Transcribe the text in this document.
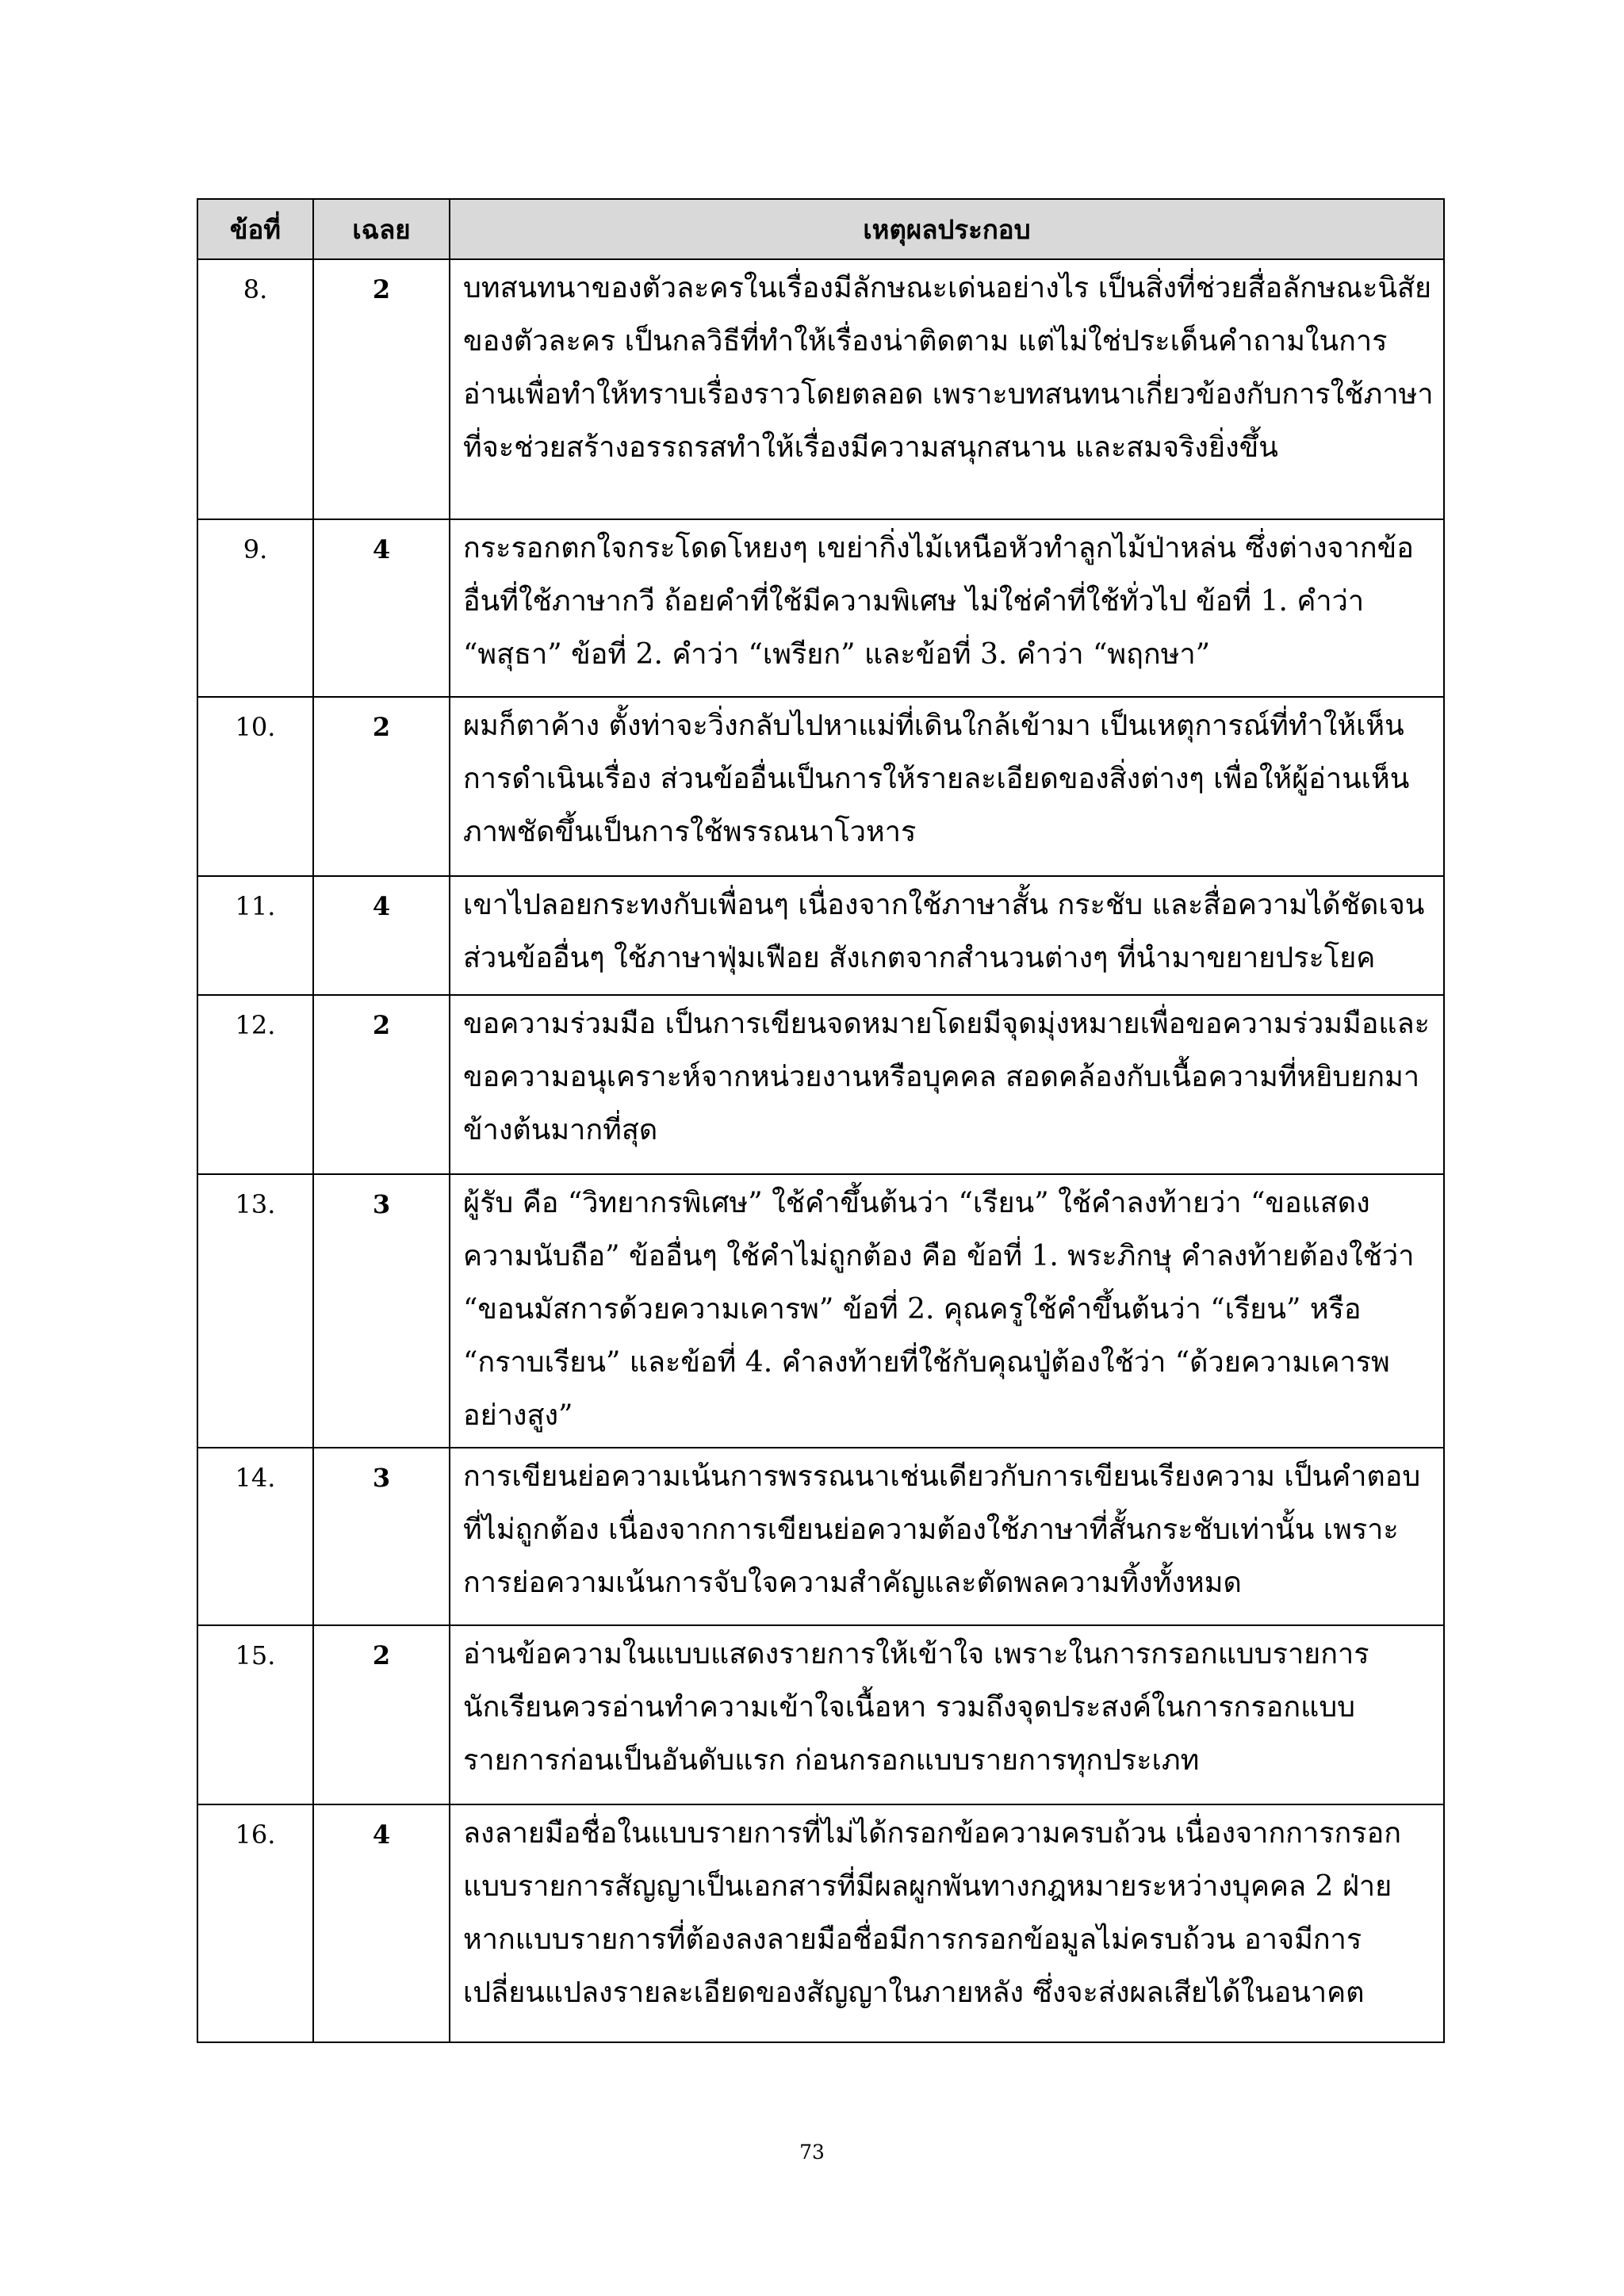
ข้อที่	เฉลย	เหตุผลประกอบ
8.	2	บทสนทนาของตัวละครในเรื่องมีลักษณะเด่นอย่างไร เป็นสิ่งที่ช่วยสื่อลักษณะนิสัยของตัวละคร เป็นกลวิธีที่ทำให้เรื่องน่าติดตาม แต่ไม่ใช่ประเด็นคำถามในการอ่านเพื่อทำให้ทราบเรื่องราวโดยตลอด เพราะบทสนทนาเกี่ยวข้องกับการใช้ภาษาที่จะช่วยสร้างอรรถรสทำให้เรื่องมีความสนุกสนาน และสมจริงยิ่งขึ้น
9.	4	กระรอกตกใจกระโดดโหยงๆ เขย่ากิ่งไม้เหนือหัวทำลูกไม้ป่าหล่น ซึ่งต่างจากข้ออื่นที่ใช้ภาษากวี ถ้อยคำที่ใช้มีความพิเศษ ไม่ใช่คำที่ใช้ทั่วไป ข้อที่ 1. คำว่า “พสุธา” ข้อที่ 2. คำว่า “เพรียก” และข้อที่ 3. คำว่า “พฤกษา”
10.	2	ผมก็ตาค้าง ตั้งท่าจะวิ่งกลับไปหาแม่ที่เดินใกล้เข้ามา เป็นเหตุการณ์ที่ทำให้เห็นการดำเนินเรื่อง ส่วนข้ออื่นเป็นการให้รายละเอียดของสิ่งต่างๆ เพื่อให้ผู้อ่านเห็นภาพชัดขึ้นเป็นการใช้พรรณนาโวหาร
11.	4	เขาไปลอยกระทงกับเพื่อนๆ เนื่องจากใช้ภาษาสั้น กระชับ และสื่อความได้ชัดเจน ส่วนข้ออื่นๆ ใช้ภาษาฟุ่มเฟือย สังเกตจากสำนวนต่างๆ ที่นำมาขยายประโยค
12.	2	ขอความร่วมมือ เป็นการเขียนจดหมายโดยมีจุดมุ่งหมายเพื่อขอความร่วมมือและขอความอนุเคราะห์จากหน่วยงานหรือบุคคล สอดคล้องกับเนื้อความที่หยิบยกมาข้างต้นมากที่สุด
13.	3	ผู้รับ คือ “วิทยากรพิเศษ” ใช้คำขึ้นต้นว่า “เรียน” ใช้คำลงท้ายว่า “ขอแสดงความนับถือ” ข้ออื่นๆ ใช้คำไม่ถูกต้อง คือ ข้อที่ 1. พระภิกษุ คำลงท้ายต้องใช้ว่า “ขอนมัสการด้วยความเคารพ” ข้อที่ 2. คุณครูใช้คำขึ้นต้นว่า “เรียน” หรือ “กราบเรียน” และข้อที่ 4. คำลงท้ายที่ใช้กับคุณปู่ต้องใช้ว่า “ด้วยความเคารพอย่างสูง”
14.	3	การเขียนย่อความเน้นการพรรณนาเช่นเดียวกับการเขียนเรียงความ เป็นคำตอบที่ไม่ถูกต้อง เนื่องจากการเขียนย่อความต้องใช้ภาษาที่สั้นกระชับเท่านั้น เพราะการย่อความเน้นการจับใจความสำคัญและตัดพลความทิ้งทั้งหมด
15.	2	อ่านข้อความในแบบแสดงรายการให้เข้าใจ เพราะในการกรอกแบบรายการนักเรียนควรอ่านทำความเข้าใจเนื้อหา รวมถึงจุดประสงค์ในการกรอกแบบรายการก่อนเป็นอันดับแรก ก่อนกรอกแบบรายการทุกประเภท
16.	4	ลงลายมือชื่อในแบบรายการที่ไม่ได้กรอกข้อความครบถ้วน เนื่องจากการกรอกแบบรายการสัญญาเป็นเอกสารที่มีผลผูกพันทางกฎหมายระหว่างบุคคล 2 ฝ่าย หากแบบรายการที่ต้องลงลายมือชื่อมีการกรอกข้อมูลไม่ครบถ้วน อาจมีการเปลี่ยนแปลงรายละเอียดของสัญญาในภายหลัง ซึ่งจะส่งผลเสียได้ในอนาคต
73
